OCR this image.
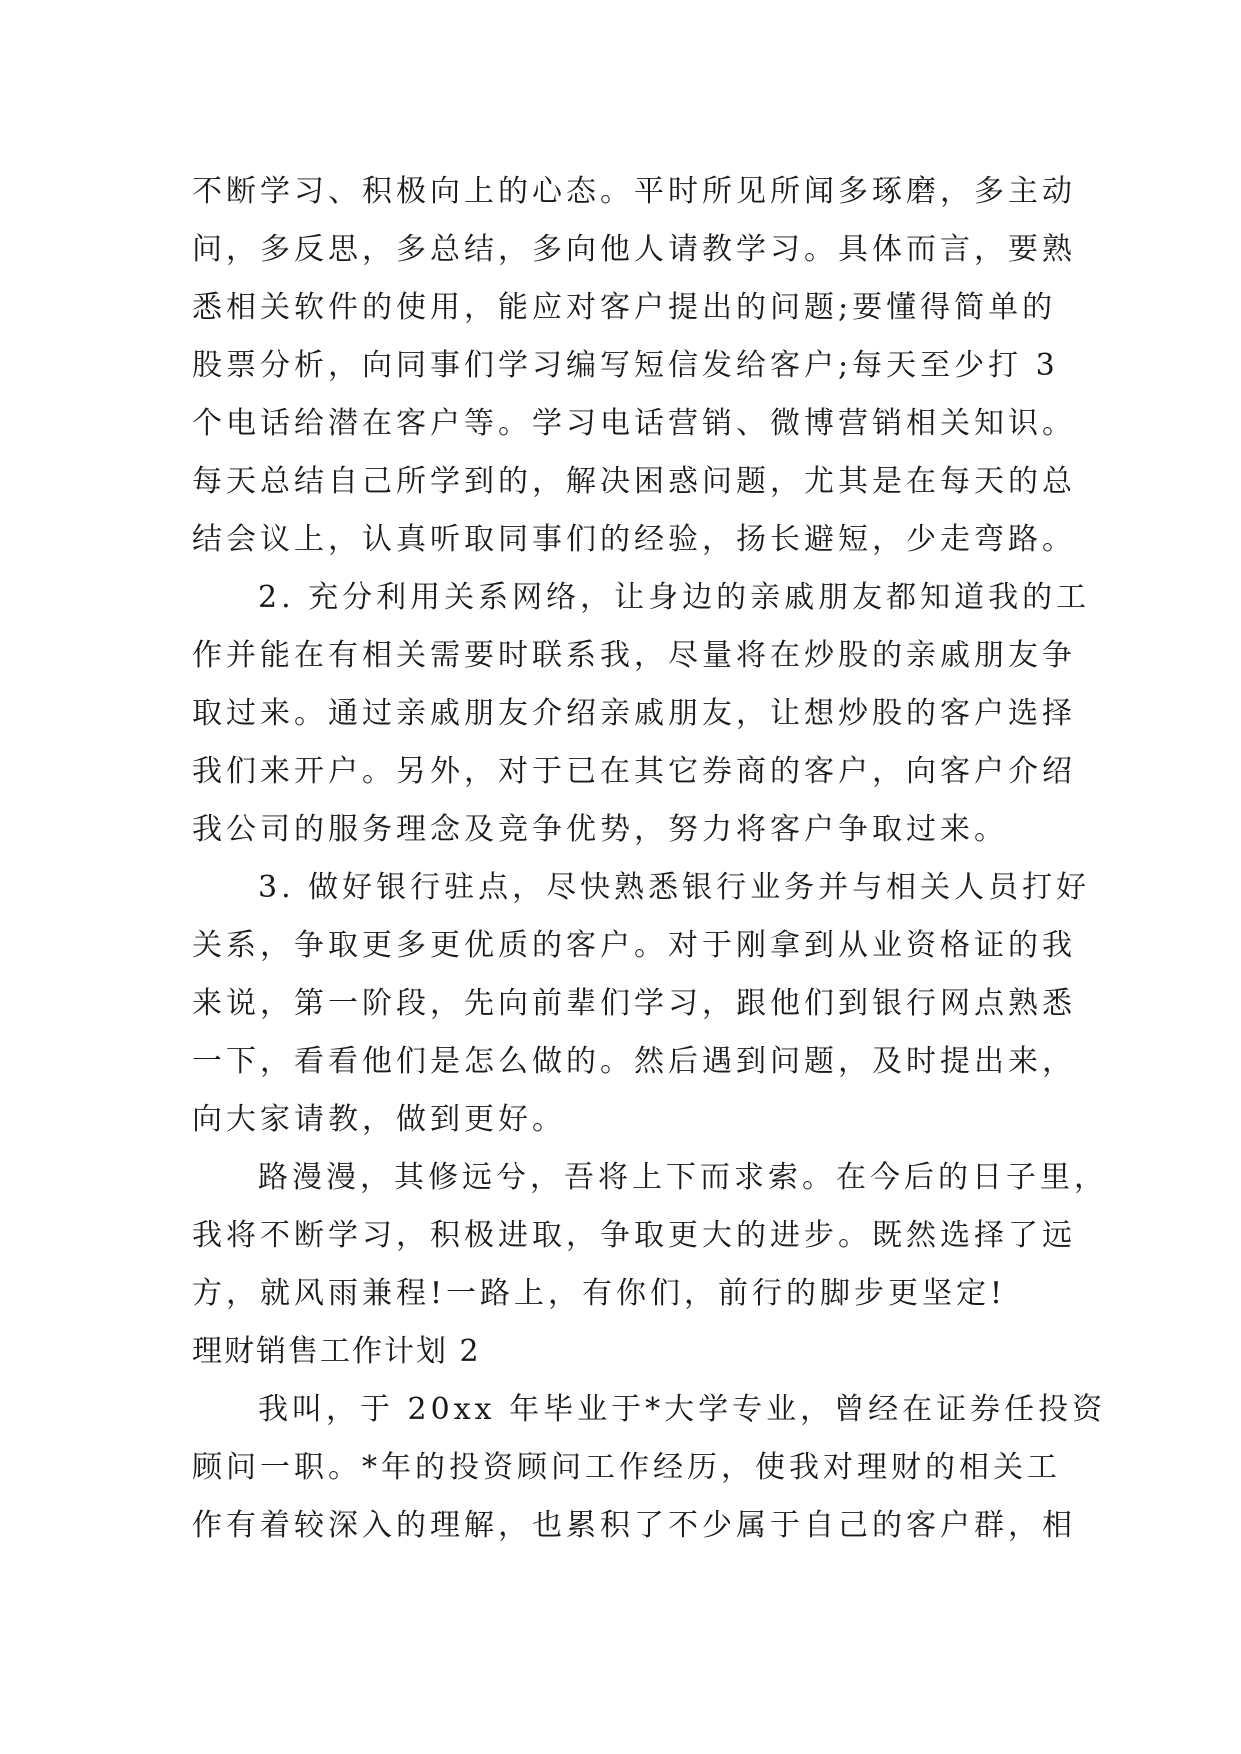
不断学习、积极向上的心态。平时所见所闻多琢磨，多主动
问，多反思，多总结，多向他人请教学习。具体而言，要熟
悉相关软件的使用，能应对客户提出的问题;要懂得简单的
股票分析，向同事们学习编写短信发给客户;每天至少打 3
个电话给潜在客户等。学习电话营销、微博营销相关知识。
每天总结自己所学到的，解决困惑问题，尤其是在每天的总
结会议上，认真听取同事们的经验，扬长避短，少走弯路。
2. 充分利用关系网络，让身边的亲戚朋友都知道我的工
作并能在有相关需要时联系我，尽量将在炒股的亲戚朋友争
取过来。通过亲戚朋友介绍亲戚朋友，让想炒股的客户选择
我们来开户。另外，对于已在其它券商的客户，向客户介绍
我公司的服务理念及竞争优势，努力将客户争取过来。
3. 做好银行驻点，尽快熟悉银行业务并与相关人员打好
关系，争取更多更优质的客户。对于刚拿到从业资格证的我
来说，第一阶段，先向前辈们学习，跟他们到银行网点熟悉
一下，看看他们是怎么做的。然后遇到问题，及时提出来，
向大家请教，做到更好。
路漫漫，其修远兮，吾将上下而求索。在今后的日子里，
我将不断学习，积极进取，争取更大的进步。既然选择了远
方，就风雨兼程!一路上，有你们，前行的脚步更坚定!
理财销售工作计划 2
我叫，于 20xx 年毕业于*大学专业，曾经在证券任投资
顾问一职。*年的投资顾问工作经历，使我对理财的相关工
作有着较深入的理解，也累积了不少属于自己的客户群，相
